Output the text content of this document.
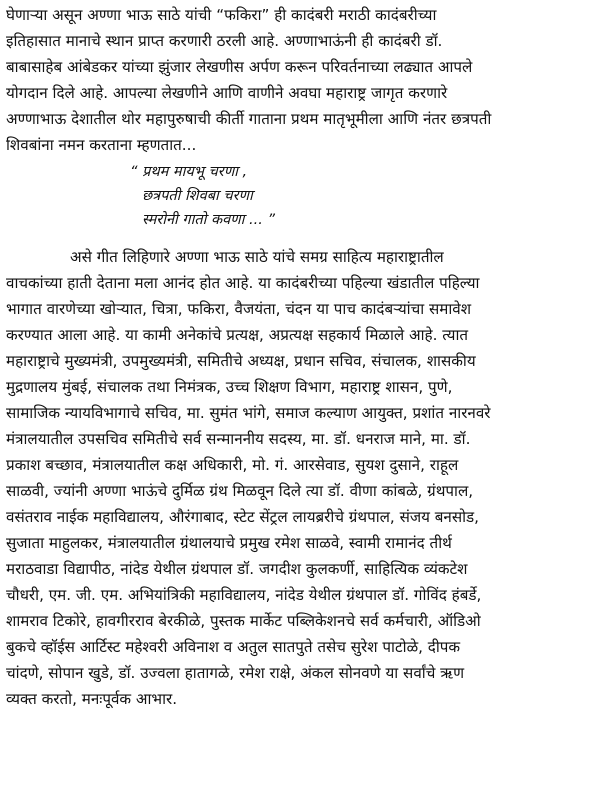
घेणाऱ्या असून अण्णा भाऊ साठे यांची “फकिरा” ही कादंबरी मराठी कादंबरीच्या
इतिहासात मानाचे स्थान प्राप्त करणारी ठरली आहे. अण्णाभाऊंनी ही कादंबरी डॉ.
बाबासाहेब आंबेडकर यांच्या झुंजार लेखणीस अर्पण करून परिवर्तनाच्या लढ्यात आपले
योगदान दिले आहे. आपल्या लेखणीने आणि वाणीने अवघा महाराष्ट्र जागृत करणारे
अण्णाभाऊ देशातील थोर महापुरुषाची कीर्ती गाताना प्रथम मातृभूमीला आणि नंतर छत्रपती
शिवबांना नमन करताना म्हणतात...
“ प्रथम मायभू चरणा ,
छत्रपती शिवबा चरणा
स्मरोनी गातो कवणा ... ”
असे गीत लिहिणारे अण्णा भाऊ साठे यांचे समग्र साहित्य महाराष्ट्रातील
वाचकांच्या हाती देताना मला आनंद होत आहे. या कादंबरीच्या पहिल्या खंडातील पहिल्या
भागात वारणेच्या खोऱ्यात, चित्रा, फकिरा, वैजयंता, चंदन या पाच कादंबऱ्यांचा समावेश
करण्यात आला आहे. या कामी अनेकांचे प्रत्यक्ष, अप्रत्यक्ष सहकार्य मिळाले आहे. त्यात
महाराष्ट्राचे मुख्यमंत्री, उपमुख्यमंत्री, समितीचे अध्यक्ष, प्रधान सचिव, संचालक, शासकीय
मुद्रणालय मुंबई, संचालक तथा निमंत्रक, उच्च शिक्षण विभाग, महाराष्ट्र शासन, पुणे,
सामाजिक न्यायविभागाचे सचिव, मा. सुमंत भांगे, समाज कल्याण आयुक्त, प्रशांत नारनवरे
मंत्रालयातील उपसचिव समितीचे सर्व सन्माननीय सदस्य, मा. डॉ. धनराज माने, मा. डॉ.
प्रकाश बच्छाव, मंत्रालयातील कक्ष अधिकारी, मो. गं. आरसेवाड, सुयश दुसाने, राहूल
साळवी, ज्यांनी अण्णा भाऊंचे दुर्मिळ ग्रंथ मिळवून दिले त्या डॉ. वीणा कांबळे, ग्रंथपाल,
वसंतराव नाईक महाविद्यालय, औरंगाबाद, स्टेट सेंट्रल लायब्ररीचे ग्रंथपाल, संजय बनसोड,
सुजाता माहुलकर, मंत्रालयातील ग्रंथालयाचे प्रमुख रमेश साळवे, स्वामी रामानंद तीर्थ
मराठवाडा विद्यापीठ, नांदेड येथील ग्रंथपाल डॉ. जगदीश कुलकर्णी, साहित्यिक व्यंकटेश
चौधरी, एम. जी. एम. अभियांत्रिकी महाविद्यालय, नांदेड येथील ग्रंथपाल डॉ. गोविंद हंबर्डे,
शामराव टिकोरे, हावगीरराव बेरकीळे, पुस्तक मार्केट पब्लिकेशनचे सर्व कर्मचारी, ऑडिओ
बुकचे व्हॉईस आर्टिस्ट महेश्वरी अविनाश व अतुल सातपुते तसेच सुरेश पाटोळे, दीपक
चांदणे, सोपान खुडे, डॉ. उज्वला हातागळे, रमेश राक्षे, अंकल सोनवणे या सर्वांचे ऋण
व्यक्त करतो, मनःपूर्वक आभार.
